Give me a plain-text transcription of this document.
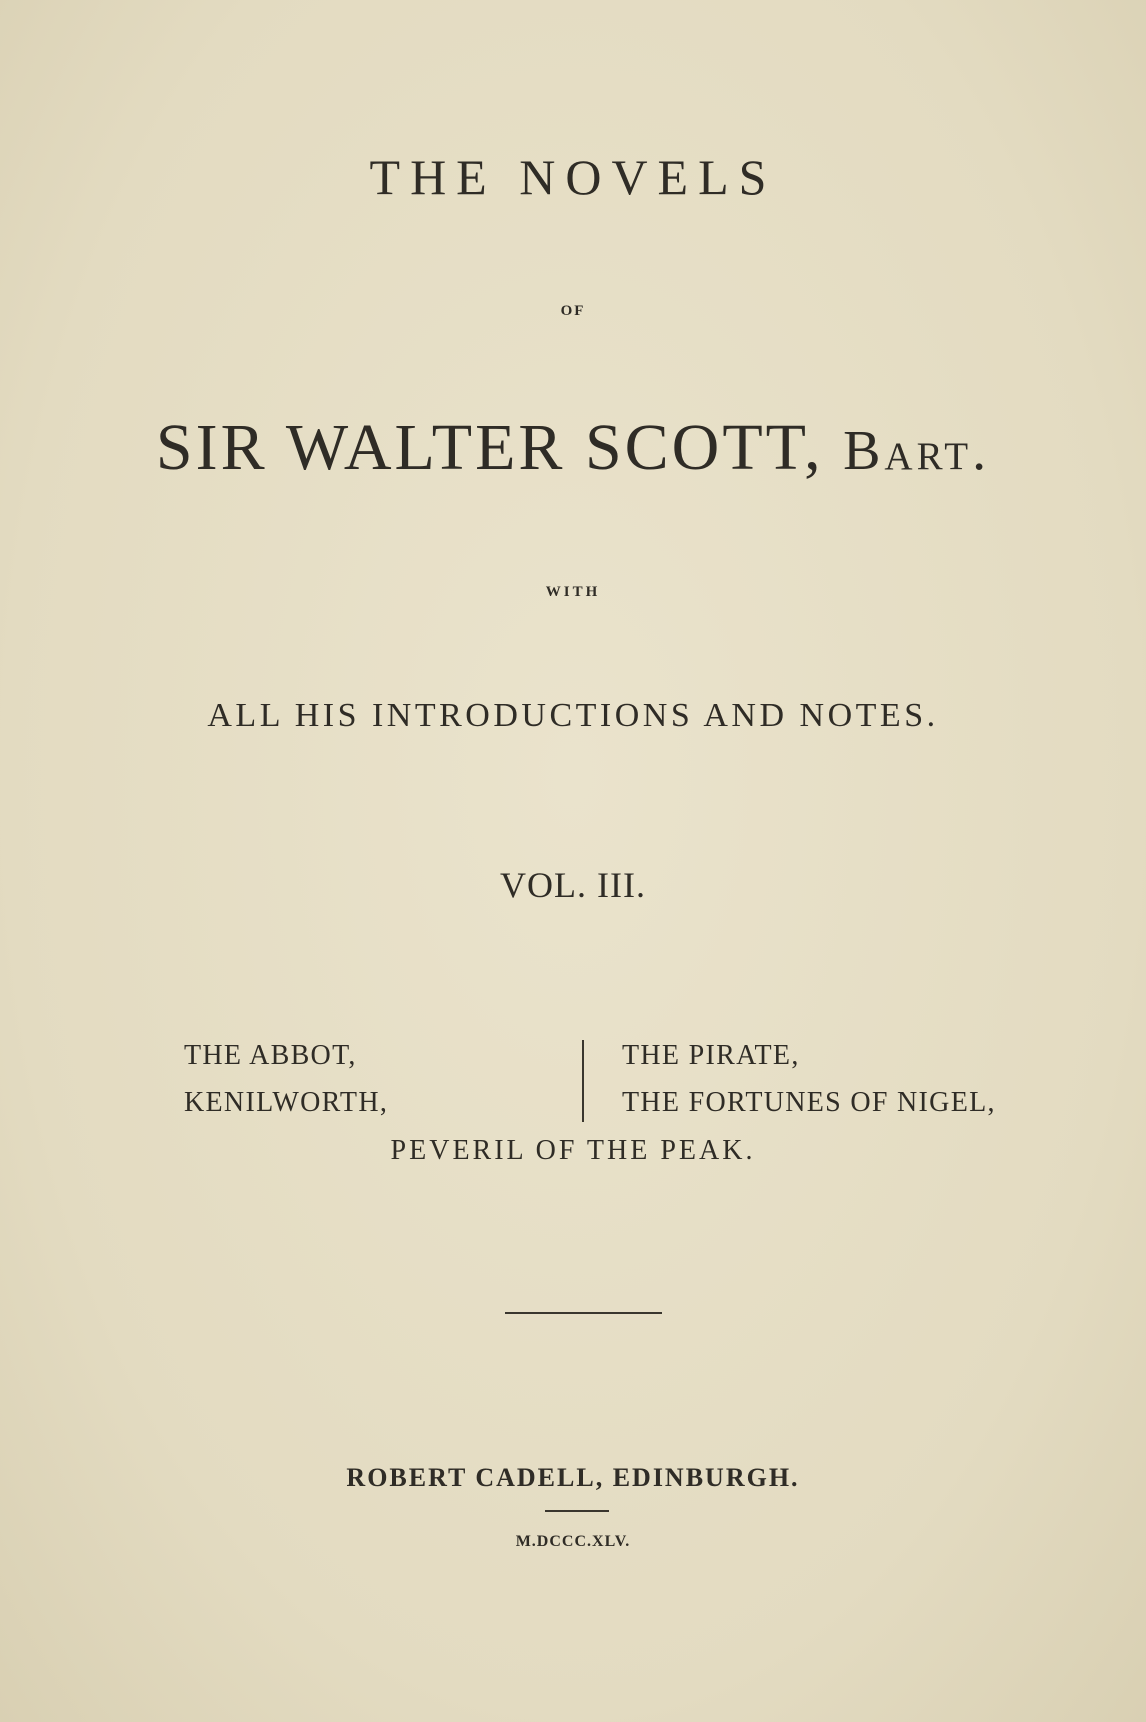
THE NOVELS
OF
SIR WALTER SCOTT, Bart.
WITH
ALL HIS INTRODUCTIONS AND NOTES.
VOL. III.
THE ABBOT,
KENILWORTH,
THE PIRATE,
THE FORTUNES OF NIGEL,
PEVERIL OF THE PEAK.
ROBERT CADELL, EDINBURGH.
M.DCCC.XLV.
